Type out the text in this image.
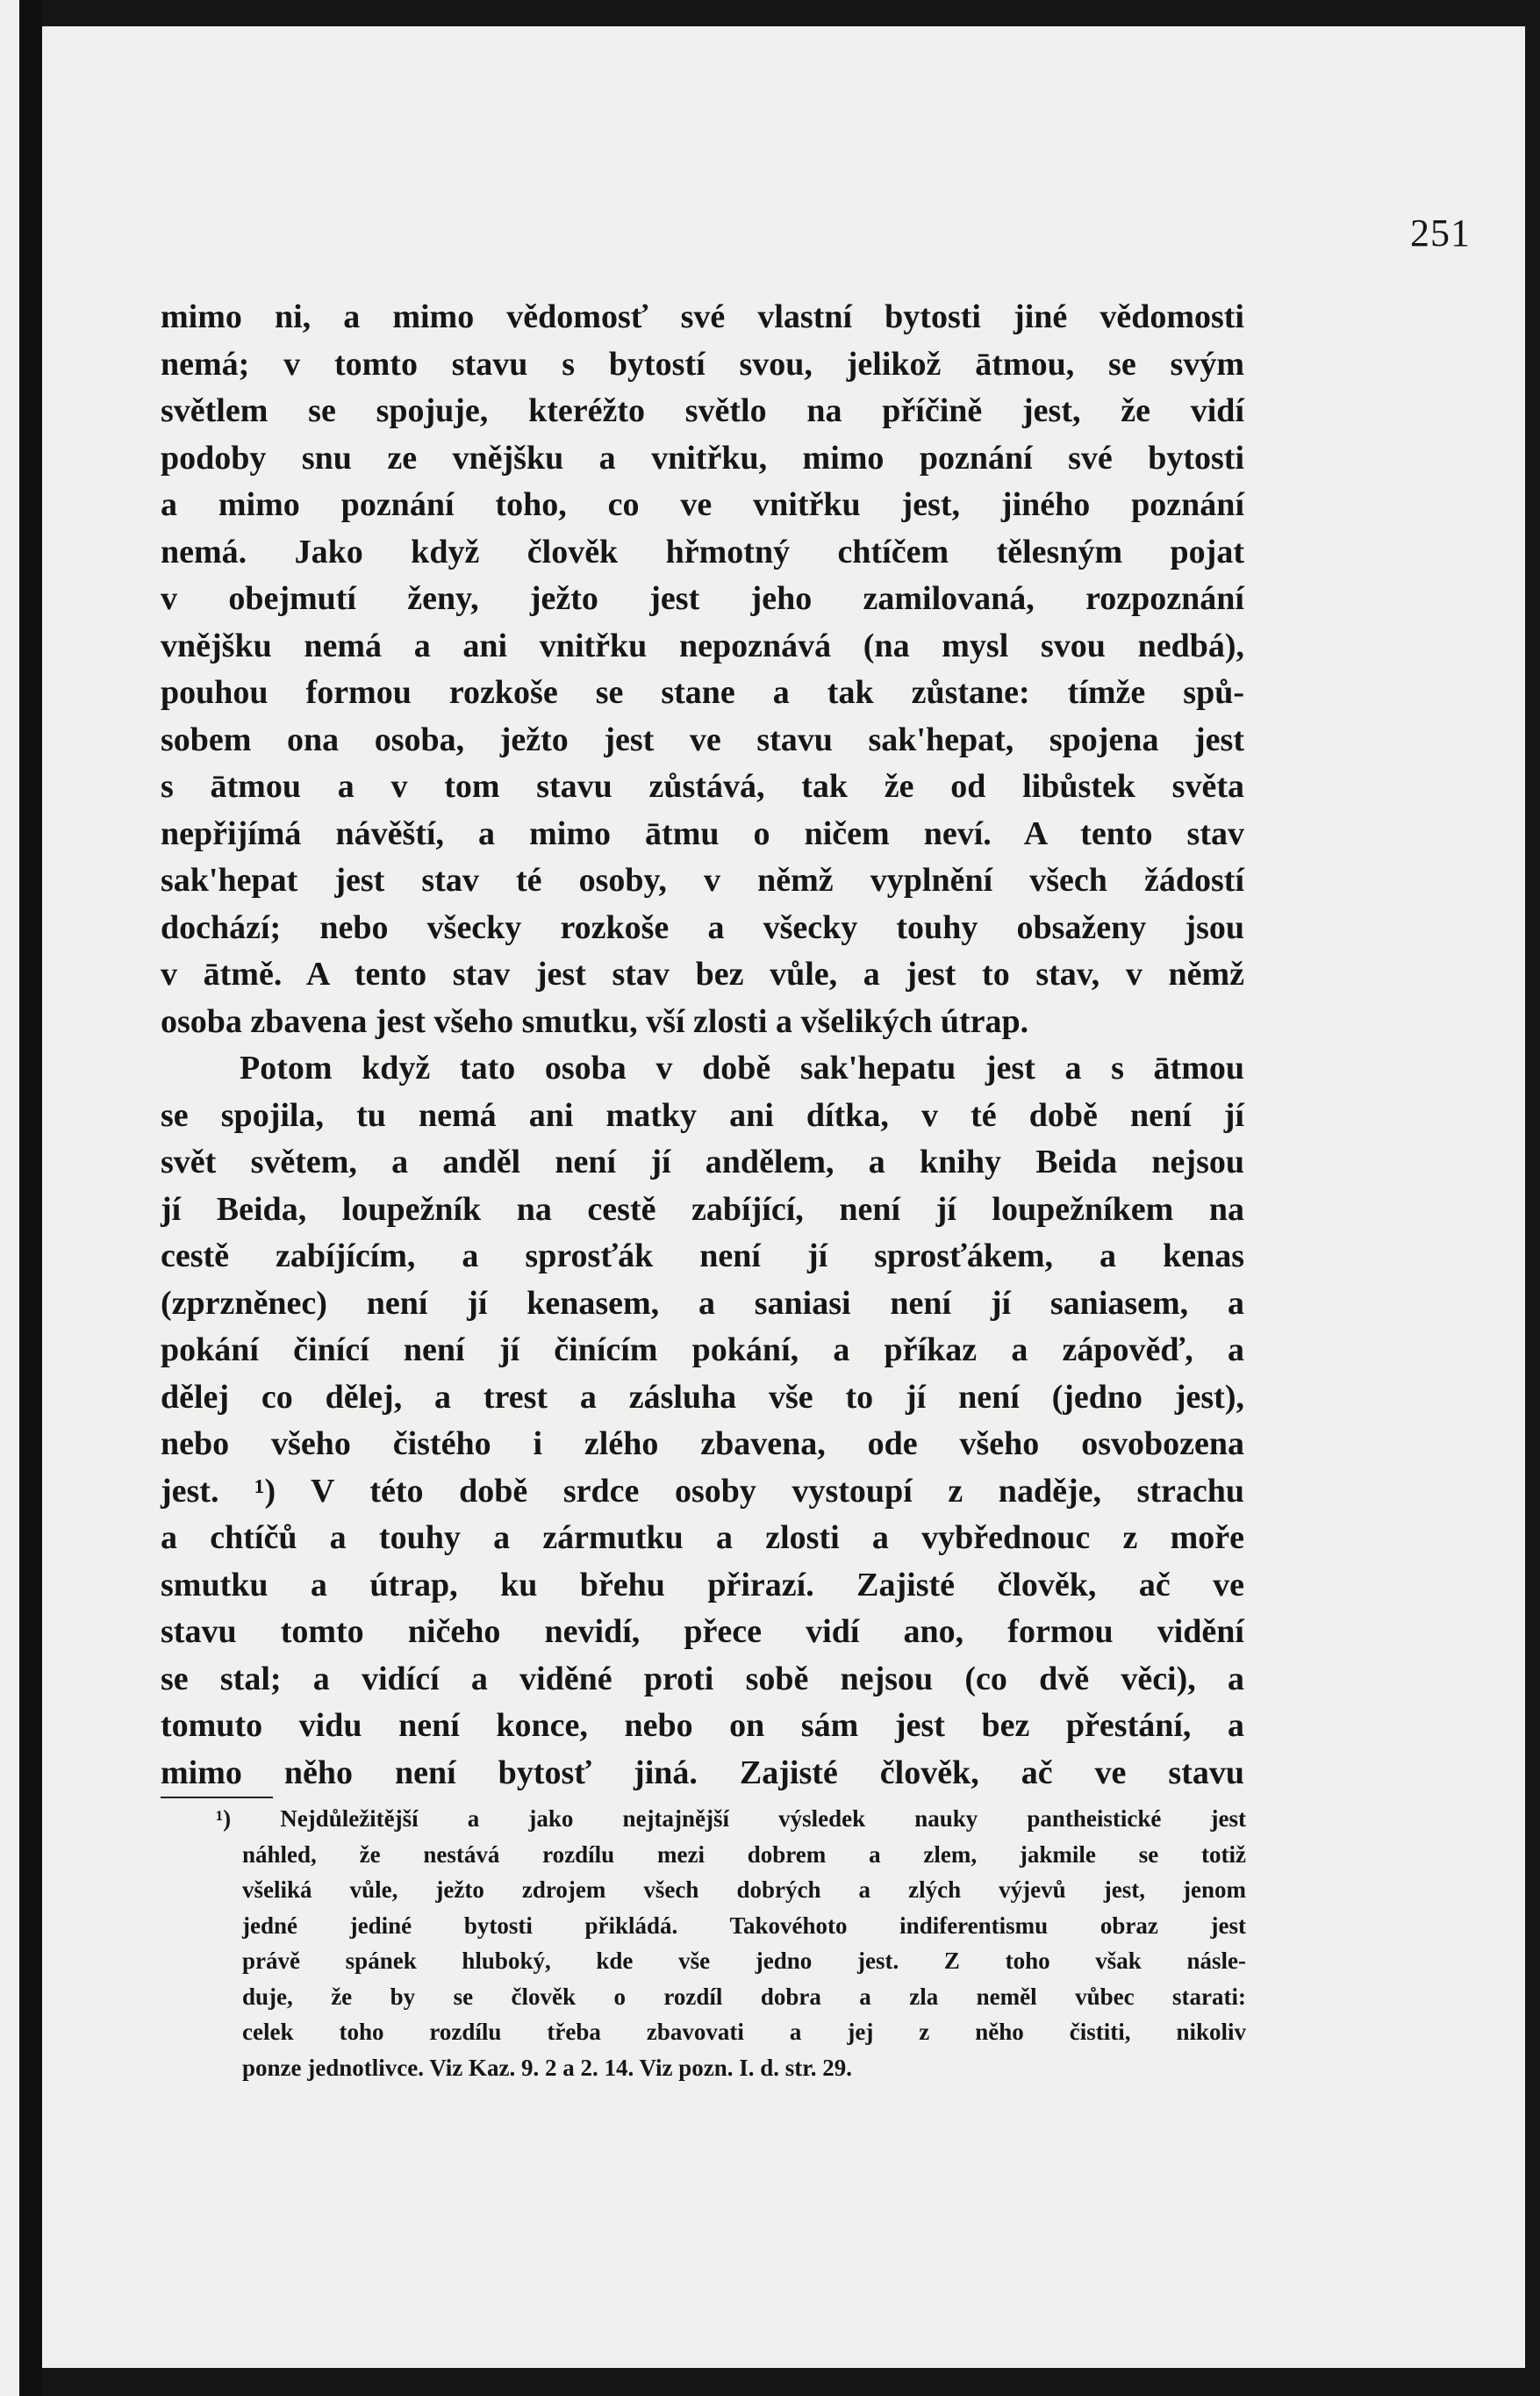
251
mimo ni, a mimo vědomosť své vlastní bytosti jiné vědomosti
nemá; v tomto stavu s bytostí svou, jelikož ātmou, se svým
světlem se spojuje, kteréžto světlo na příčině jest, že vidí
podoby snu ze vnějšku a vnitřku, mimo poznání své bytosti
a mimo poznání toho, co ve vnitřku jest, jiného poznání
nemá. Jako když člověk hřmotný chtíčem tělesným pojat
v obejmutí ženy, ježto jest jeho zamilovaná, rozpoznání
vnějšku nemá a ani vnitřku nepoznává (na mysl svou nedbá),
pouhou formou rozkoše se stane a tak zůstane: tímže spů-
sobem ona osoba, ježto jest ve stavu sak'hepat, spojena jest
s ātmou a v tom stavu zůstává, tak že od libůstek světa
nepřijímá návěští, a mimo ātmu o ničem neví. A tento stav
sak'hepat jest stav té osoby, v němž vyplnění všech žádostí
dochází; nebo všecky rozkoše a všecky touhy obsaženy jsou
v ātmě. A tento stav jest stav bez vůle, a jest to stav, v němž
osoba zbavena jest všeho smutku, vší zlosti a všelikých útrap.
Potom když tato osoba v době sak'hepatu jest a s ātmou
se spojila, tu nemá ani matky ani dítka, v té době není jí
svět světem, a anděl není jí andělem, a knihy Beida nejsou
jí Beida, loupežník na cestě zabíjící, není jí loupežníkem na
cestě zabíjícím, a sprosťák není jí sprosťákem, a kenas
(zprzněnec) není jí kenasem, a saniasi není jí saniasem, a
pokání činící není jí činícím pokání, a příkaz a zápověď, a
dělej co dělej, a trest a zásluha vše to jí není (jedno jest),
nebo všeho čistého i zlého zbavena, ode všeho osvobozena
jest. ¹) V této době srdce osoby vystoupí z naděje, strachu
a chtíčů a touhy a zármutku a zlosti a vybřednouc z moře
smutku a útrap, ku břehu přirazí. Zajisté člověk, ač ve
stavu tomto ničeho nevidí, přece vidí ano, formou vidění
se stal; a vidící a viděné proti sobě nejsou (co dvě věci), a
tomuto vidu není konce, nebo on sám jest bez přestání, a
mimo něho není bytosť jiná. Zajisté člověk, ač ve stavu
¹) Nejdůležitější a jako nejtajnější výsledek nauky pantheistické jest
náhled, že nestává rozdílu mezi dobrem a zlem, jakmile se totiž
všeliká vůle, ježto zdrojem všech dobrých a zlých výjevů jest, jenom
jedné jediné bytosti přikládá. Takovéhoto indiferentismu obraz jest
právě spánek hluboký, kde vše jedno jest. Z toho však násle-
duje, že by se člověk o rozdíl dobra a zla neměl vůbec starati:
celek toho rozdílu třeba zbavovati a jej z něho čistiti, nikoliv
ponze jednotlivce. Viz Kaz. 9. 2 a 2. 14. Viz pozn. I. d. str. 29.
